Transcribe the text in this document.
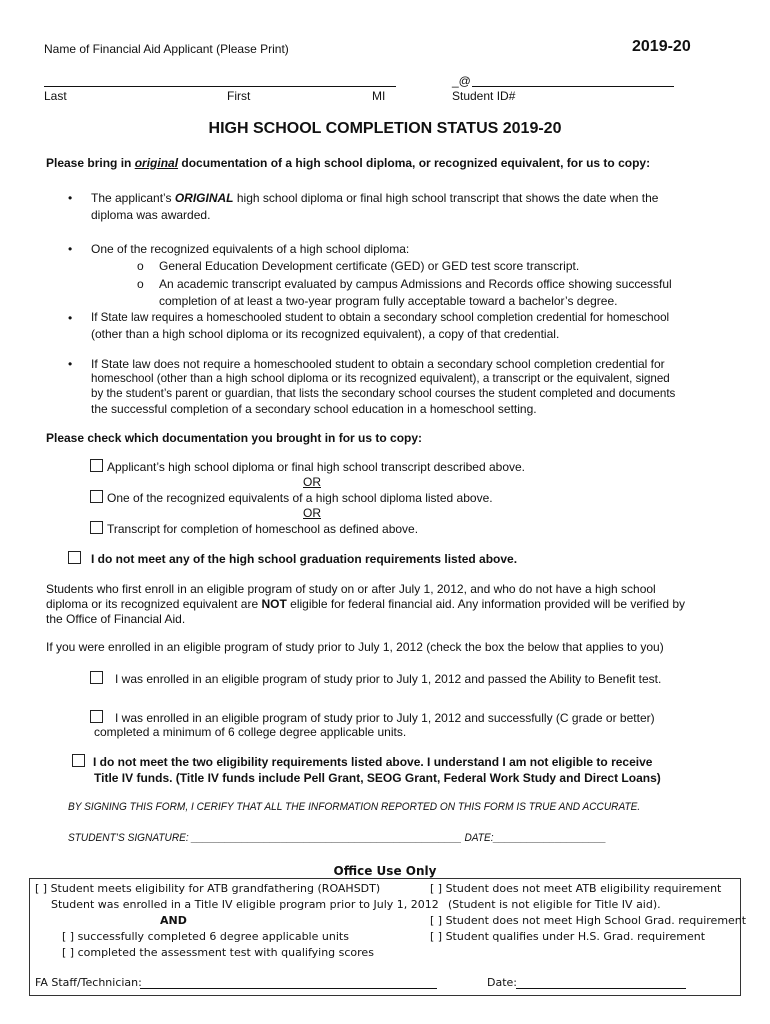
Name of Financial Aid Applicant (Please Print)	2019-20
_@
Last	First	MI	Student ID#
HIGH SCHOOL COMPLETION STATUS 2019-20
Please bring in original documentation of a high school diploma, or recognized equivalent, for us to copy:
• The applicant’s ORIGINAL high school diploma or final high school transcript that shows the date when the
diploma was awarded.
• One of the recognized equivalents of a high school diploma:
o General Education Development certificate (GED) or GED test score transcript.
o An academic transcript evaluated by campus Admissions and Records office showing successful
completion of at least a two-year program fully acceptable toward a bachelor’s degree.
• If State law requires a homeschooled student to obtain a secondary school completion credential for homeschool
(other than a high school diploma or its recognized equivalent), a copy of that credential.
• If State law does not require a homeschooled student to obtain a secondary school completion credential for
homeschool (other than a high school diploma or its recognized equivalent), a transcript or the equivalent, signed
by the student’s parent or guardian, that lists the secondary school courses the student completed and documents
the successful completion of a secondary school education in a homeschool setting.
Please check which documentation you brought in for us to copy:
Applicant’s high school diploma or final high school transcript described above.
OR
One of the recognized equivalents of a high school diploma listed above.
OR
Transcript for completion of homeschool as defined above.
I do not meet any of the high school graduation requirements listed above.
Students who first enroll in an eligible program of study on or after July 1, 2012, and who do not have a high school
diploma or its recognized equivalent are NOT eligible for federal financial aid. Any information provided will be verified by
the Office of Financial Aid.
If you were enrolled in an eligible program of study prior to July 1, 2012 (check the box the below that applies to you)
I was enrolled in an eligible program of study prior to July 1, 2012 and passed the Ability to Benefit test.
I was enrolled in an eligible program of study prior to July 1, 2012 and successfully (C grade or better)
completed a minimum of 6 college degree applicable units.
I do not meet the two eligibility requirements listed above. I understand I am not eligible to receive
Title IV funds. (Title IV funds include Pell Grant, SEOG Grant, Federal Work Study and Direct Loans)
BY SIGNING THIS FORM, I CERIFY THAT ALL THE INFORMATION REPORTED ON THIS FORM IS TRUE AND ACCURATE.
STUDENT’S SIGNATURE: ________________________________________________ DATE:____________________
Office Use Only
[ ] Student meets eligibility for ATB grandfathering (ROAHSDT)
Student was enrolled in a Title IV eligible program prior to July 1, 2012
AND
[ ] successfully completed 6 degree applicable units
[ ] completed the assessment test with qualifying scores
[ ] Student does not meet ATB eligibility requirement
(Student is not eligible for Title IV aid).
[ ] Student does not meet High School Grad. requirement
[ ] Student qualifies under H.S. Grad. requirement
FA Staff/Technician:	Date:
